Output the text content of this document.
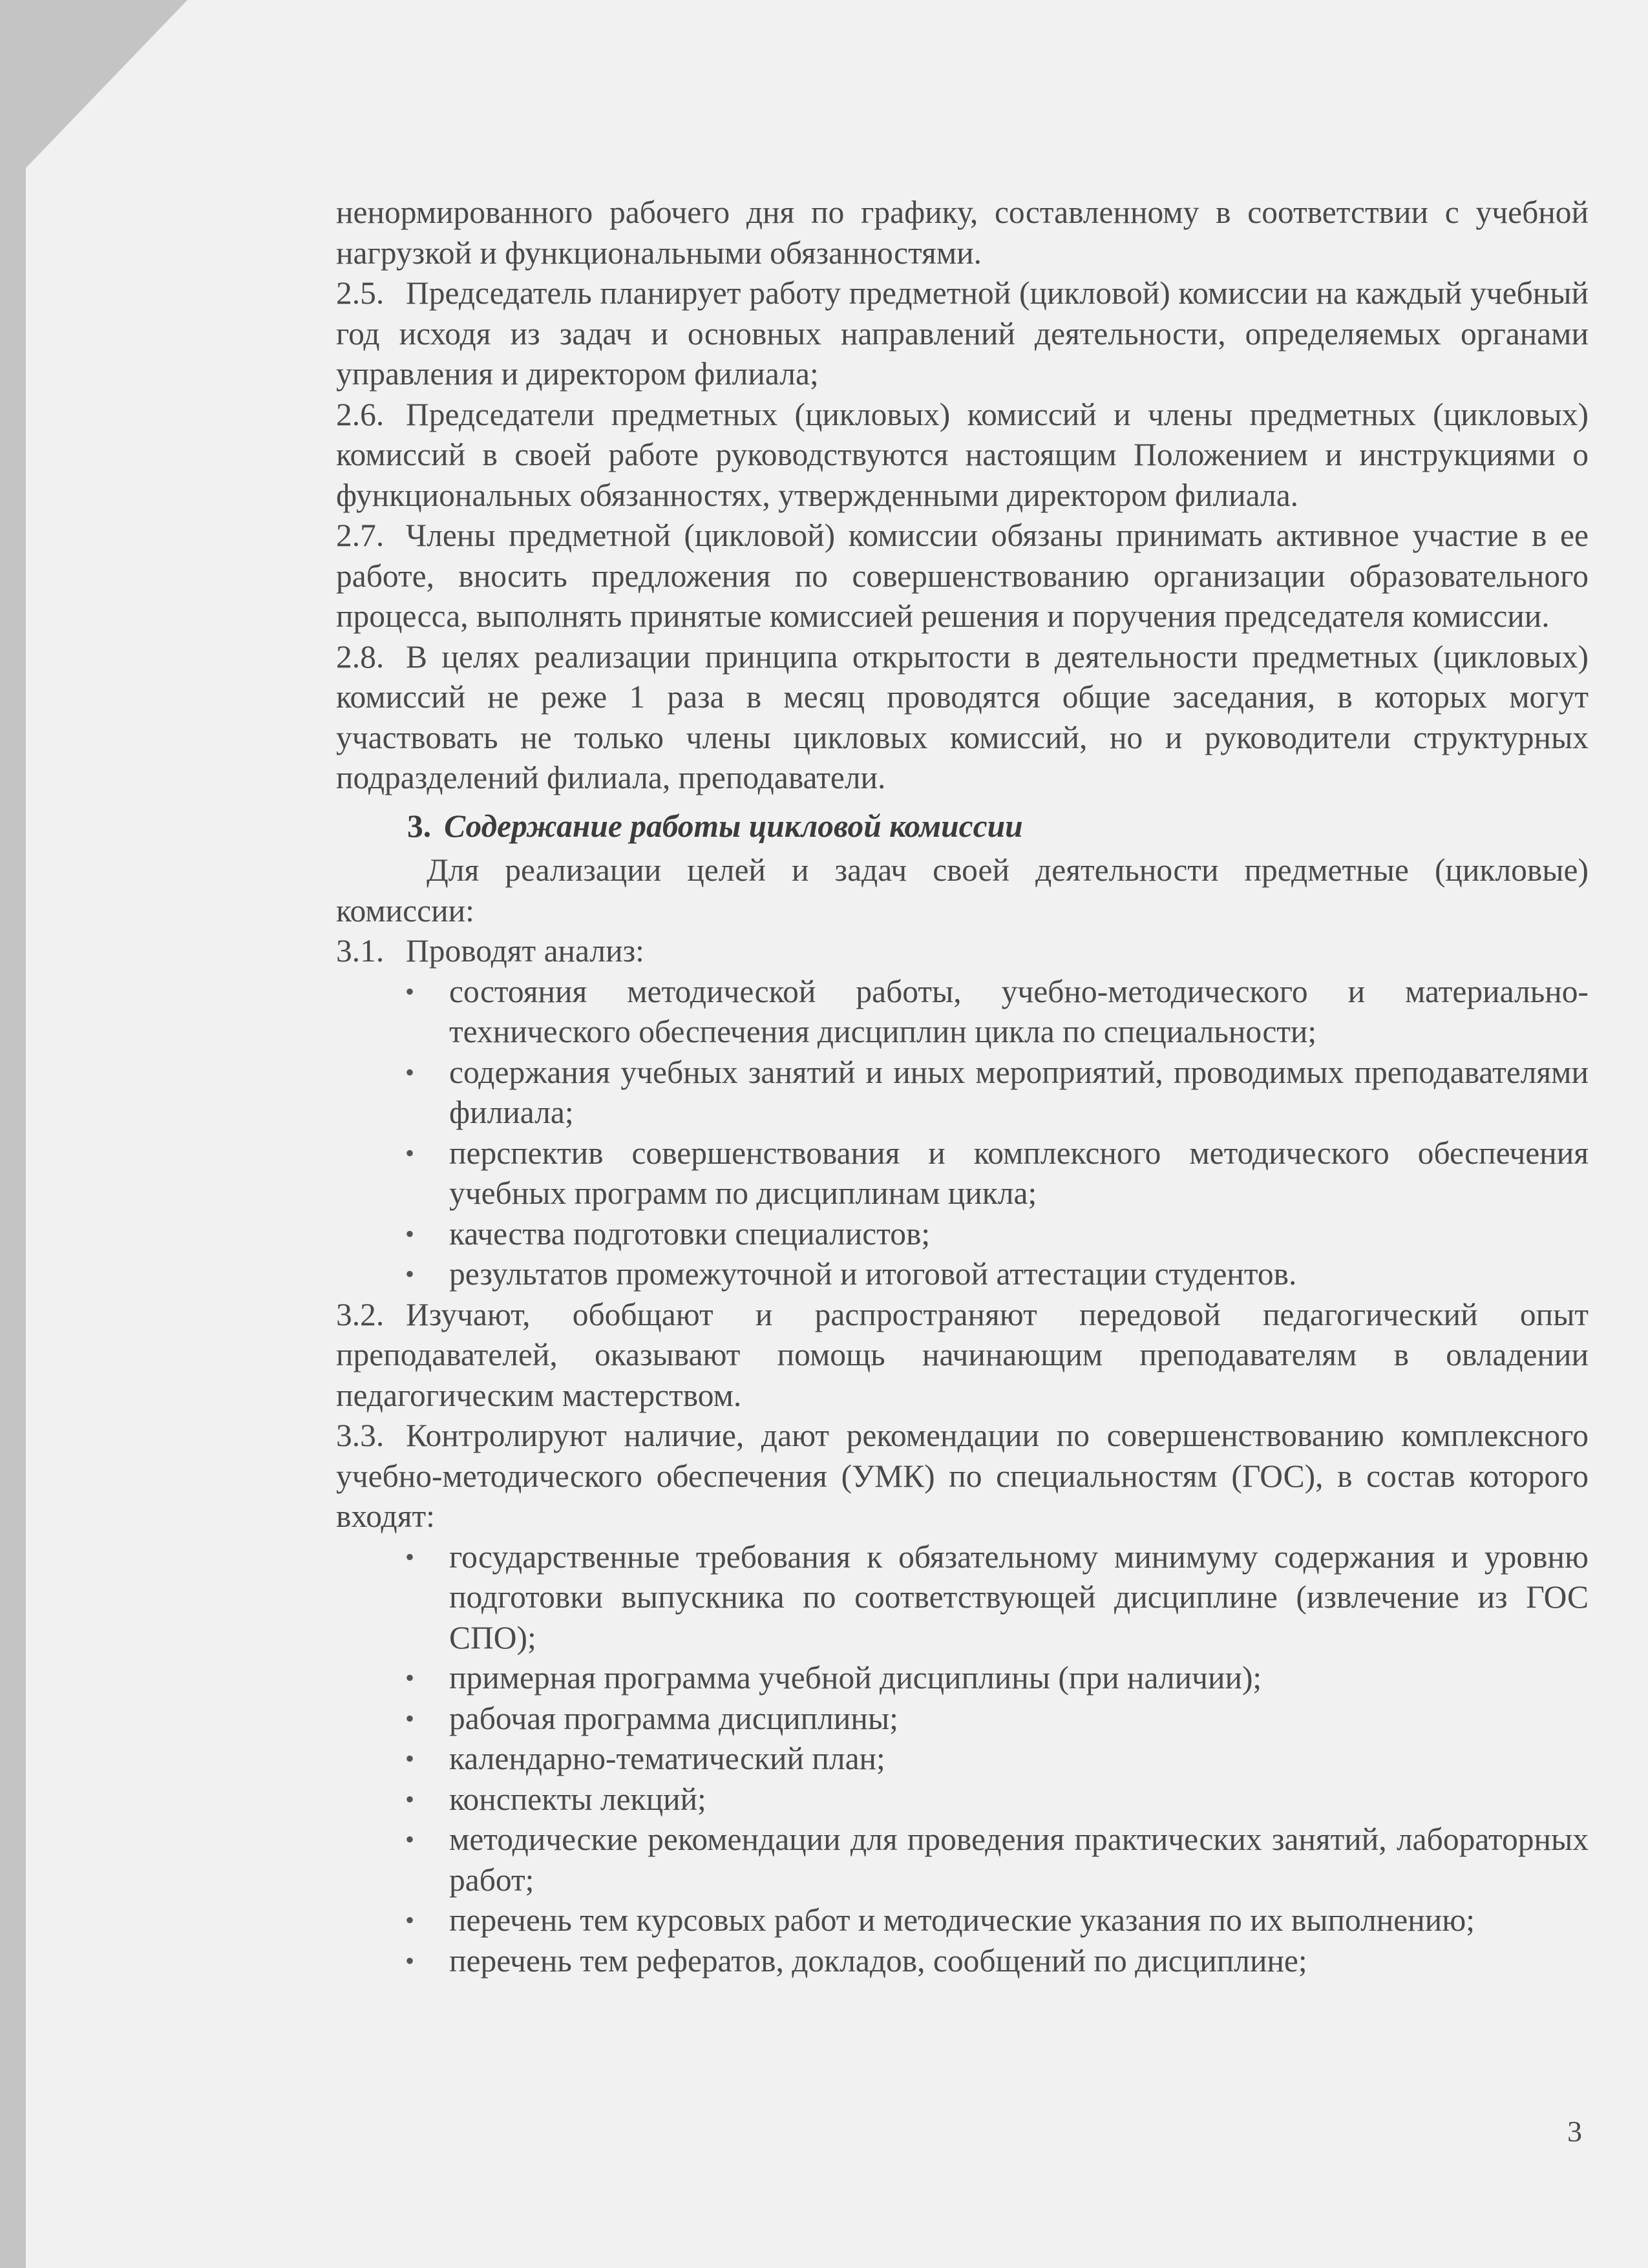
ненормированного рабочего дня по графику, составленному в соответствии с учебной нагрузкой и функциональными обязанностями.

2.5. Председатель планирует работу предметной (цикловой) комиссии на каждый учебный год исходя из задач и основных направлений деятельности, определяемых органами управления и директором филиала;

2.6. Председатели предметных (цикловых) комиссий и члены предметных (цикловых) комиссий в своей работе руководствуются настоящим Положением и инструкциями о функциональных обязанностях, утвержденными директором филиала.

2.7. Члены предметной (цикловой) комиссии обязаны принимать активное участие в ее работе, вносить предложения по совершенствованию организации образовательного процесса, выполнять принятые комиссией решения и поручения председателя комиссии.

2.8. В целях реализации принципа открытости в деятельности предметных (цикловых) комиссий не реже 1 раза в месяц проводятся общие заседания, в которых могут участвовать не только члены цикловых комиссий, но и руководители структурных подразделений филиала, преподаватели.

3. Содержание работы цикловой комиссии

Для реализации целей и задач своей деятельности предметные (цикловые) комиссии:

3.1. Проводят анализ:

• состояния методической работы, учебно-методического и материально-технического обеспечения дисциплин цикла по специальности;
• содержания учебных занятий и иных мероприятий, проводимых преподавателями филиала;
• перспектив совершенствования и комплексного методического обеспечения учебных программ по дисциплинам цикла;
• качества подготовки специалистов;
• результатов промежуточной и итоговой аттестации студентов.

3.2. Изучают, обобщают и распространяют передовой педагогический опыт преподавателей, оказывают помощь начинающим преподавателям в овладении педагогическим мастерством.

3.3. Контролируют наличие, дают рекомендации по совершенствованию комплексного учебно-методического обеспечения (УМК) по специальностям (ГОС), в состав которого входят:

• государственные требования к обязательному минимуму содержания и уровню подготовки выпускника по соответствующей дисциплине (извлечение из ГОС СПО);
• примерная программа учебной дисциплины (при наличии);
• рабочая программа дисциплины;
• календарно-тематический план;
• конспекты лекций;
• методические рекомендации для проведения практических занятий, лабораторных работ;
• перечень тем курсовых работ и методические указания по их выполнению;
• перечень тем рефератов, докладов, сообщений по дисциплине;
3
